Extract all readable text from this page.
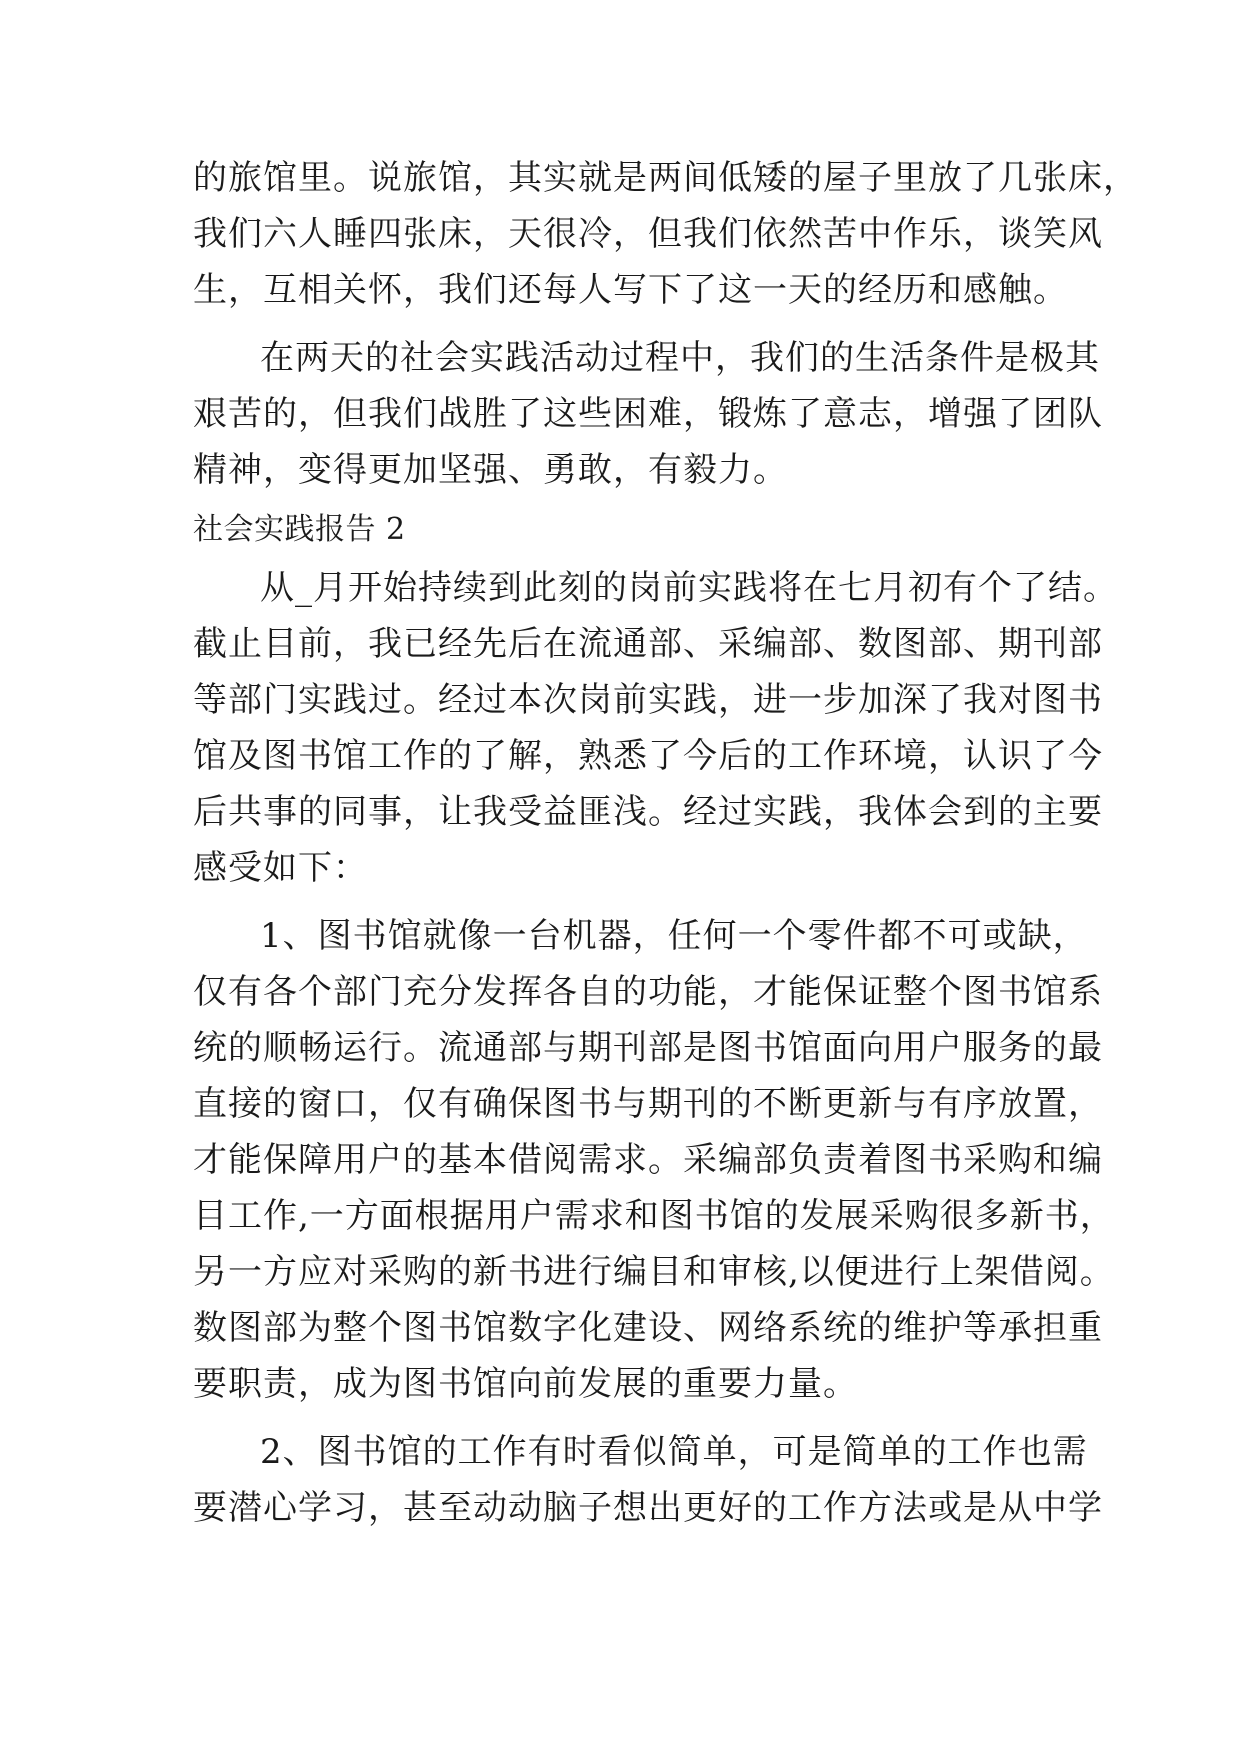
的旅馆里。说旅馆，其实就是两间低矮的屋子里放了几张床，
我们六人睡四张床，天很冷，但我们依然苦中作乐，谈笑风
生，互相关怀，我们还每人写下了这一天的经历和感触。
在两天的社会实践活动过程中，我们的生活条件是极其
艰苦的，但我们战胜了这些困难，锻炼了意志，增强了团队
精神，变得更加坚强、勇敢，有毅力。
社会实践报告 2
从_月开始持续到此刻的岗前实践将在七月初有个了结。
截止目前，我已经先后在流通部、采编部、数图部、期刊部
等部门实践过。经过本次岗前实践，进一步加深了我对图书
馆及图书馆工作的了解，熟悉了今后的工作环境，认识了今
后共事的同事，让我受益匪浅。经过实践，我体会到的主要
感受如下：
1、图书馆就像一台机器，任何一个零件都不可或缺，
仅有各个部门充分发挥各自的功能，才能保证整个图书馆系
统的顺畅运行。流通部与期刊部是图书馆面向用户服务的最
直接的窗口，仅有确保图书与期刊的不断更新与有序放置，
才能保障用户的基本借阅需求。采编部负责着图书采购和编
目工作,一方面根据用户需求和图书馆的发展采购很多新书，
另一方应对采购的新书进行编目和审核,以便进行上架借阅。
数图部为整个图书馆数字化建设、网络系统的维护等承担重
要职责，成为图书馆向前发展的重要力量。
2、图书馆的工作有时看似简单，可是简单的工作也需
要潜心学习，甚至动动脑子想出更好的工作方法或是从中学
